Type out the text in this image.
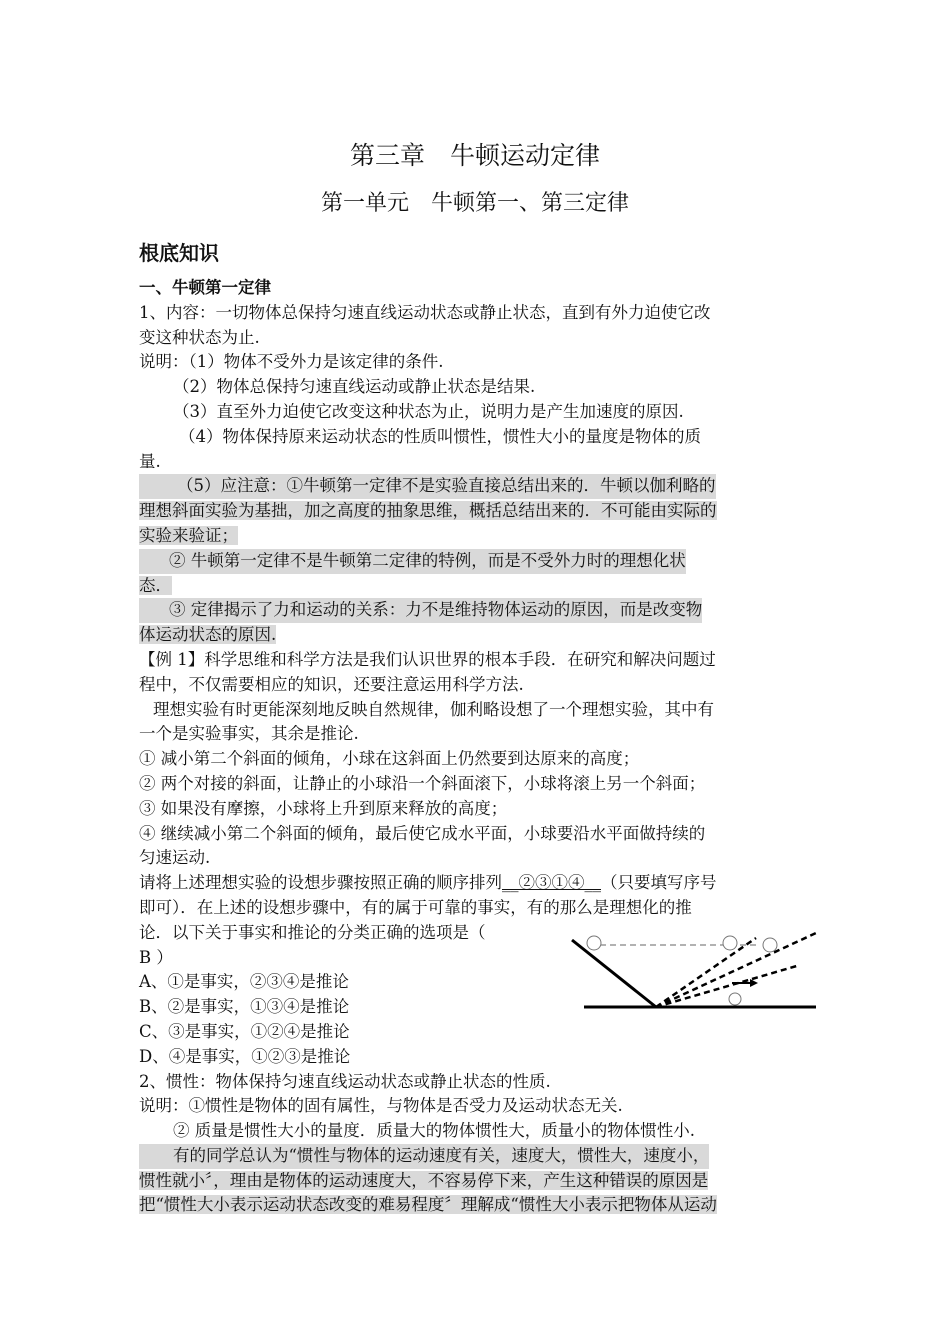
第三章　牛顿运动定律
第一单元　牛顿第一、第三定律
根底知识
一、牛顿第一定律
1、内容：一切物体总保持匀速直线运动状态或静止状态，直到有外力迫使它改
变这种状态为止.
说明：（1）物体不受外力是该定律的条件.
（2）物体总保持匀速直线运动或静止状态是结果.
（3）直至外力迫使它改变这种状态为止，说明力是产生加速度的原因.
（4）物体保持原来运动状态的性质叫惯性，惯性大小的量度是物体的质
量.
（5）应注意：①牛顿第一定律不是实验直接总结出来的．牛顿以伽利略的
理想斜面实验为基拙，加之高度的抽象思维，概括总结出来的．不可能由实际的
实验来验证；
② 牛顿第一定律不是牛顿第二定律的特例，而是不受外力时的理想化状
态．
③ 定律揭示了力和运动的关系：力不是维持物体运动的原因，而是改变物
体运动状态的原因.
【例 1】科学思维和科学方法是我们认识世界的根本手段．在研究和解决问题过
程中，不仅需要相应的知识，还要注意运用科学方法.
理想实验有时更能深刻地反映自然规律，伽利略设想了一个理想实验，其中有
一个是实验事实，其余是推论.
① 减小第二个斜面的倾角，小球在这斜面上仍然要到达原来的高度；
② 两个对接的斜面，让静止的小球沿一个斜面滚下，小球将滚上另一个斜面；
③ 如果没有摩擦，小球将上升到原来释放的高度；
④ 继续减小第二个斜面的倾角，最后使它成水平面，小球要沿水平面做持续的
匀速运动.
请将上述理想实验的设想步骤按照正确的顺序排列__②③①④__（只要填写序号
即可）．在上述的设想步骤中，有的属于可靠的事实，有的那么是理想化的推
论．以下关于事实和推论的分类正确的选项是（
B ）
A、①是事实，②③④是推论
B、②是事实，①③④是推论
C、③是事实，①②④是推论
D、④是事实，①②③是推论
2、惯性：物体保持匀速直线运动状态或静止状态的性质.
说明：①惯性是物体的固有属性，与物体是否受力及运动状态无关.
② 质量是惯性大小的量度．质量大的物体惯性大，质量小的物体惯性小.
有的同学总认为“惯性与物体的运动速度有关，速度大，惯性大，速度小，
惯性就小〞，理由是物体的运动速度大，不容易停下来，产生这种错误的原因是
把“惯性大小表示运动状态改变的难易程度〞理解成“惯性大小表示把物体从运动
